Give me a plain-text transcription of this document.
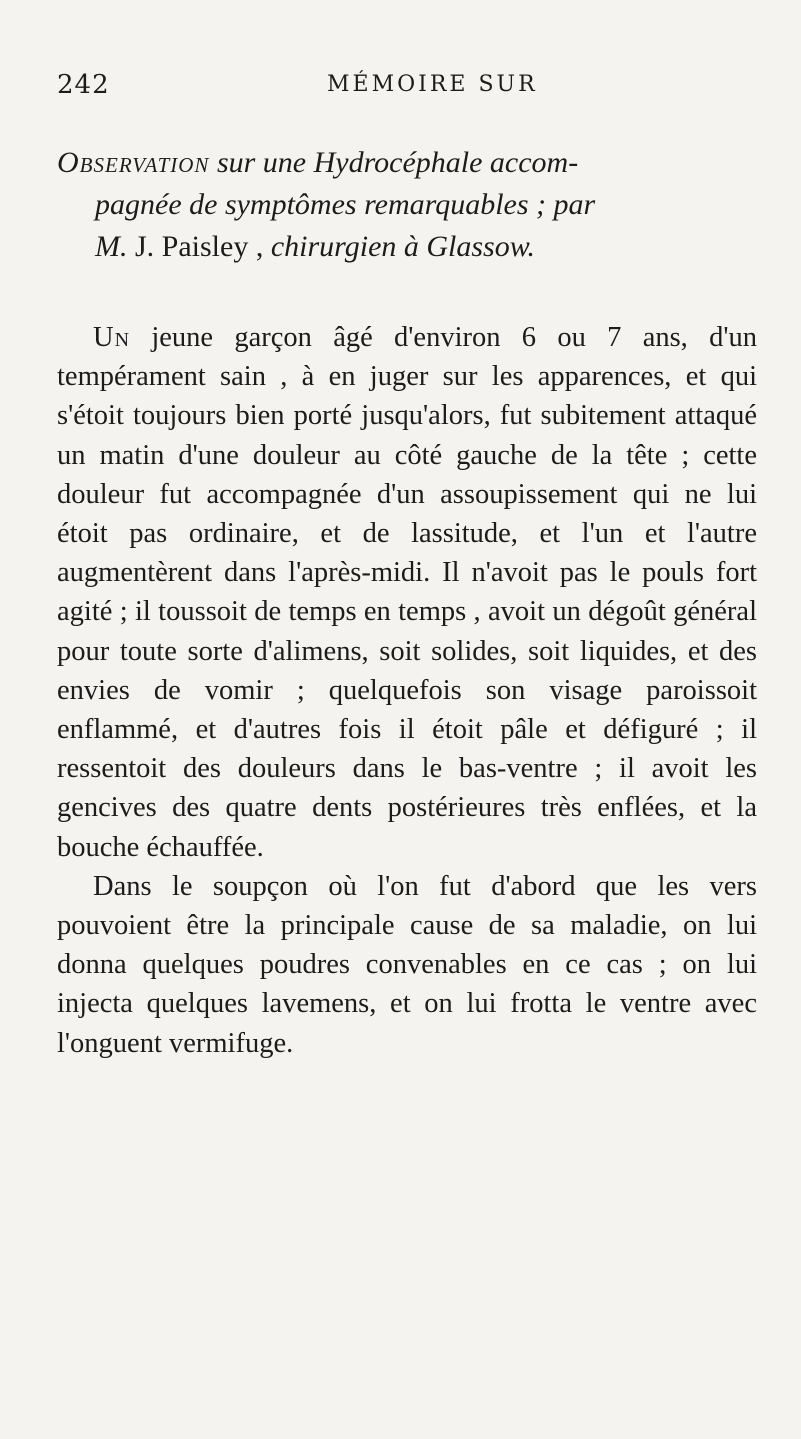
242	MÉMOIRE SUR
Observation sur une Hydrocéphale accom-
pagnée de symptômes remarquables ; par
M. J. Paisley , chirurgien à Glassow.

Un jeune garçon âgé d'environ 6 ou 7 ans, d'un tempérament sain , à en juger sur les apparences, et qui s'étoit toujours bien porté jusqu'alors, fut subitement attaqué un matin d'une douleur au côté gauche de la tête ; cette douleur fut accompagnée d'un assoupissement qui ne lui étoit pas ordinaire, et de lassitude, et l'un et l'autre augmentèrent dans l'après-midi. Il n'avoit pas le pouls fort agité ; il toussoit de temps en temps , avoit un dégoût général pour toute sorte d'alimens, soit solides, soit liquides, et des envies de vomir ; quelquefois son visage paroissoit enflammé, et d'autres fois il étoit pâle et défiguré ; il ressentoit des douleurs dans le bas-ventre ; il avoit les gencives des quatre dents postérieures très enflées, et la bouche échauffée.

Dans le soupçon où l'on fut d'abord que les vers pouvoient être la principale cause de sa maladie, on lui donna quelques poudres convenables en ce cas ; on lui injecta quelques lavemens, et on lui frotta le ventre avec l'onguent vermifuge.
